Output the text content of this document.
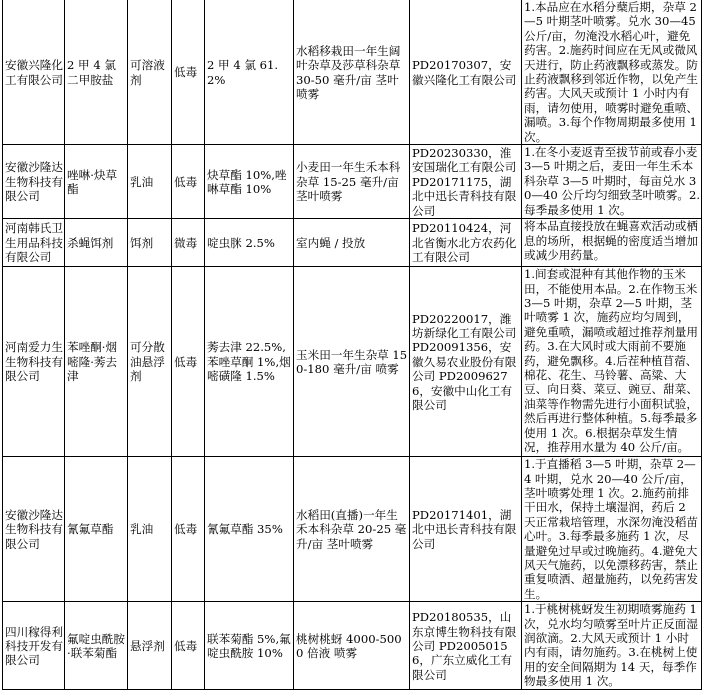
安徽兴隆化工有限公司	2 甲 4 氯二甲胺盐	可溶液剂	低毒	2 甲 4 氯 61.2%	水稻移栽田一年生阔叶杂草及莎草科杂草 30-50 毫升/亩 茎叶喷雾	PD20170307，安徽兴隆化工有限公司	1.本品应在水稻分蘖后期，杂草 2—5 叶期茎叶喷雾。兑水 30—45 公斤/亩，勿淹没水稻心叶，避免药害。2.施药时间应在无风或微风天进行，防止药液飘移或蒸发。防止药液飘移到邻近作物，以免产生药害。大风天或预计 1 小时内有雨，请勿使用，喷雾时避免重喷、漏喷。3.每个作物周期最多使用 1 次。
安徽沙隆达生物科技有限公司	唑啉·炔草酯	乳油	低毒	炔草酯 10%,唑啉草酯 10%	小麦田一年生禾本科杂草 15-25 毫升/亩 茎叶喷雾	PD20230330，淮安国瑞化工有限公司 PD20171175，湖北中迅长青科技有限公司	1.在冬小麦返青至拔节前或春小麦 3—5 叶期之后，麦田一年生禾本科杂草 3—5 叶期时，每亩兑水 30—40 公斤均匀细致茎叶喷雾。2.每季最多使用 1 次。
河南韩氏卫生用品科技有限公司	杀蝇饵剂	饵剂	微毒	啶虫脒 2.5%	室内蝇 / 投放	PD20110424，河北省衡水北方农药化工有限公司	将本品直接投放在蝇喜欢活动或栖息的场所，根据蝇的密度适当增加或减少用药量。
河南爱力生生物科技有限公司	苯唑酮·烟嘧隆·莠去津	可分散油悬浮剂	低毒	莠去津 22.5%,苯唑草酮 1%,烟嘧磺隆 1.5%	玉米田一年生杂草 150-180 毫升/亩 喷雾	PD20220017，潍坊新绿化工有限公司 PD20091356，安徽久易农业股份有限公司 PD20096276，安徽中山化工有限公司	1.间套或混种有其他作物的玉米田，不能使用本品。2.在作物玉米 3—5 叶期，杂草 2—5 叶期，茎叶喷雾 1 次，施药应均匀周到，避免重喷，漏喷或超过推荐剂量用药。3.在大风时或大雨前不要施药，避免飘移。4.后茬种植苜蓿、棉花、花生、马铃薯、高粱、大豆、向日葵、菜豆、豌豆、甜菜、油菜等作物需先进行小面积试验，然后再进行整体种植。5.每季最多使用 1 次。6.根据杂草发生情况，推荐用水量为 40 公斤/亩。
安徽沙隆达生物科技有限公司	氰氟草酯	乳油	低毒	氰氟草酯 35%	水稻田(直播)一年生禾本科杂草 20-25 毫升/亩 茎叶喷雾	PD20171401，湖北中迅长青科技有限公司	1.于直播稻 3—5 叶期，杂草 2—4 叶期，兑水 20—40 公斤/亩，茎叶喷雾处理 1 次。2.施药前排干田水，保持土壤湿润，药后 2 天正常栽培管理，水深勿淹没稻苗心叶。3.每季最多施药 1 次，尽量避免过早或过晚施药。4.避免大风天气施药，以免漂移药害，禁止重复喷洒、超量施药，以免药害发生。
四川稼得利科技开发有限公司	氟啶虫酰胺·联苯菊酯	悬浮剂	低毒	联苯菊酯 5%,氟啶虫酰胺 10%	桃树桃蚜 4000-5000 倍液 喷雾	PD20180535，山东京博生物科技有限公司 PD20050156，广东立威化工有限公司	1.于桃树桃蚜发生初期喷雾施药 1 次，兑水均匀喷雾至叶片正反面湿润欲滴。2.大风天或预计 1 小时内有雨，请勿施药。3.在桃树上使用的安全间隔期为 14 天，每季作物最多使用 1 次。
